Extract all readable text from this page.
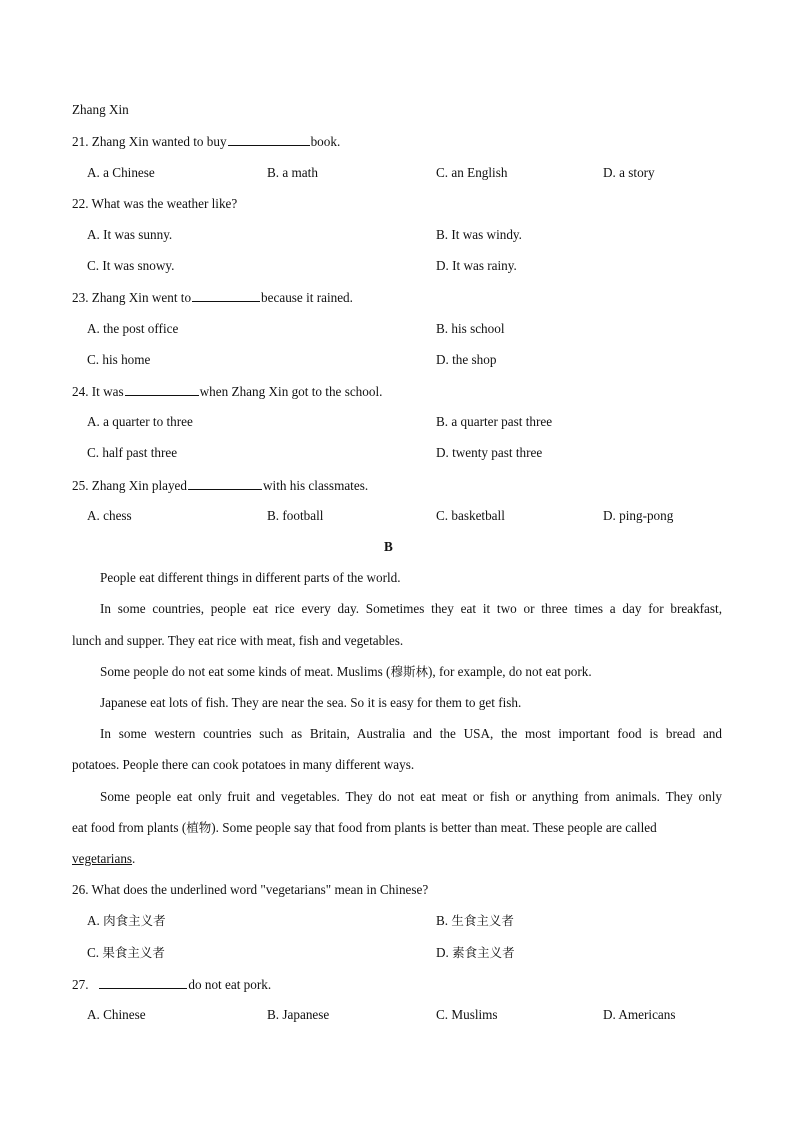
Zhang Xin
21. Zhang Xin wanted to buy	book.
A. a Chinese	B. a math	C. an English	D. a story
22. What was the weather like?
A. It was sunny.	B. It was windy.
C. It was snowy.	D. It was rainy.
23. Zhang Xin went to	because it rained.
A. the post office	B. his school
C. his home	D. the shop
24. It was	when Zhang Xin got to the school.
A. a quarter to three	B. a quarter past three
C. half past three	D. twenty past three
25. Zhang Xin played	with his classmates.
A. chess	B. football	C. basketball	D. ping-pong
B
People eat different things in different parts of the world.
In some countries, people eat rice every day. Sometimes they eat it two or three times a day for breakfast,
lunch and supper. They eat rice with meat, fish and vegetables.
Some people do not eat some kinds of meat. Muslims (穆斯林), for example, do not eat pork.
Japanese eat lots of fish. They are near the sea. So it is easy for them to get fish.
In some western countries such as Britain, Australia and the USA, the most important food is bread and
potatoes. People there can cook potatoes in many different ways.
Some people eat only fruit and vegetables. They do not eat meat or fish or anything from animals. They only
eat food from plants (植物). Some people say that food from plants is better than meat. These people are called
vegetarians.
26. What does the underlined word "vegetarians" mean in Chinese?
A. 肉食主义者	B. 生食主义者
C. 果食主义者	D. 素食主义者
27.	do not eat pork.
A. Chinese	B. Japanese	C. Muslims	D. Americans
